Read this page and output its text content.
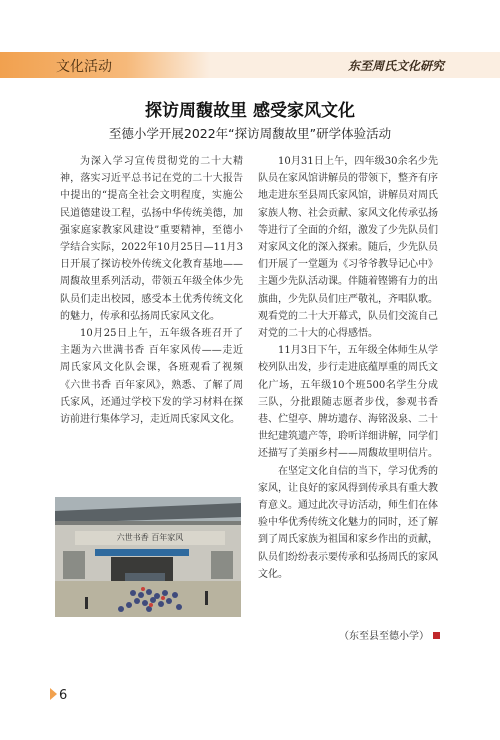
文化活动	东至周氏文化研究
探访周馥故里 感受家风文化
至德小学开展2022年“探访周馥故里”研学体验活动

为深入学习宣传贯彻党的二十大精神，落实习近平总书记在党的二十大报告中提出的“提高全社会文明程度，实施公民道德建设工程，弘扬中华传统美德，加强家庭家教家风建设”重要精神，至德小学结合实际，2022年10月25日—11月3日开展了探访校外传统文化教育基地——周馥故里系列活动，带领五年级全体少先队员们走出校园，感受本土优秀传统文化的魅力，传承和弘扬周氏家风文化。

10月25日上午，五年级各班召开了主题为六世满书香 百年家风传——走近周氏家风文化队会课，各班观看了视频《六世书香 百年家风》，熟悉、了解了周氏家风，还通过学校下发的学习材料在探访前进行集体学习，走近周氏家风文化。

六世书香 百年家风

10月31日上午，四年级30余名少先队员在家风馆讲解员的带领下，整齐有序地走进东至县周氏家风馆，讲解员对周氏家族人物、社会贡献、家风文化传承弘扬等进行了全面的介绍，激发了少先队员们对家风文化的深入探索。随后，少先队员们开展了一堂题为《习爷爷教导记心中》主题少先队活动课。伴随着铿锵有力的出旗曲，少先队员们庄严敬礼，齐唱队歌。观看党的二十大开幕式，队员们交流自己对党的二十大的心得感悟。

11月3日下午，五年级全体师生从学校列队出发，步行走进底蕴厚重的周氏文化广场，五年级10个班500名学生分成三队，分批跟随志愿者步伐，参观书香巷、伫望亭、牌坊遗存、海铭汲泉、二十世纪建筑遗产等，聆听详细讲解，同学们还描写了美丽乡村——周馥故里明信片。

在坚定文化自信的当下，学习优秀的家风，让良好的家风得到传承具有重大教育意义。通过此次寻访活动，师生们在体验中华优秀传统文化魅力的同时，还了解到了周氏家族为祖国和家乡作出的贡献，队员们纷纷表示要传承和弘扬周氏的家风文化。

（东至县至德小学）
6
